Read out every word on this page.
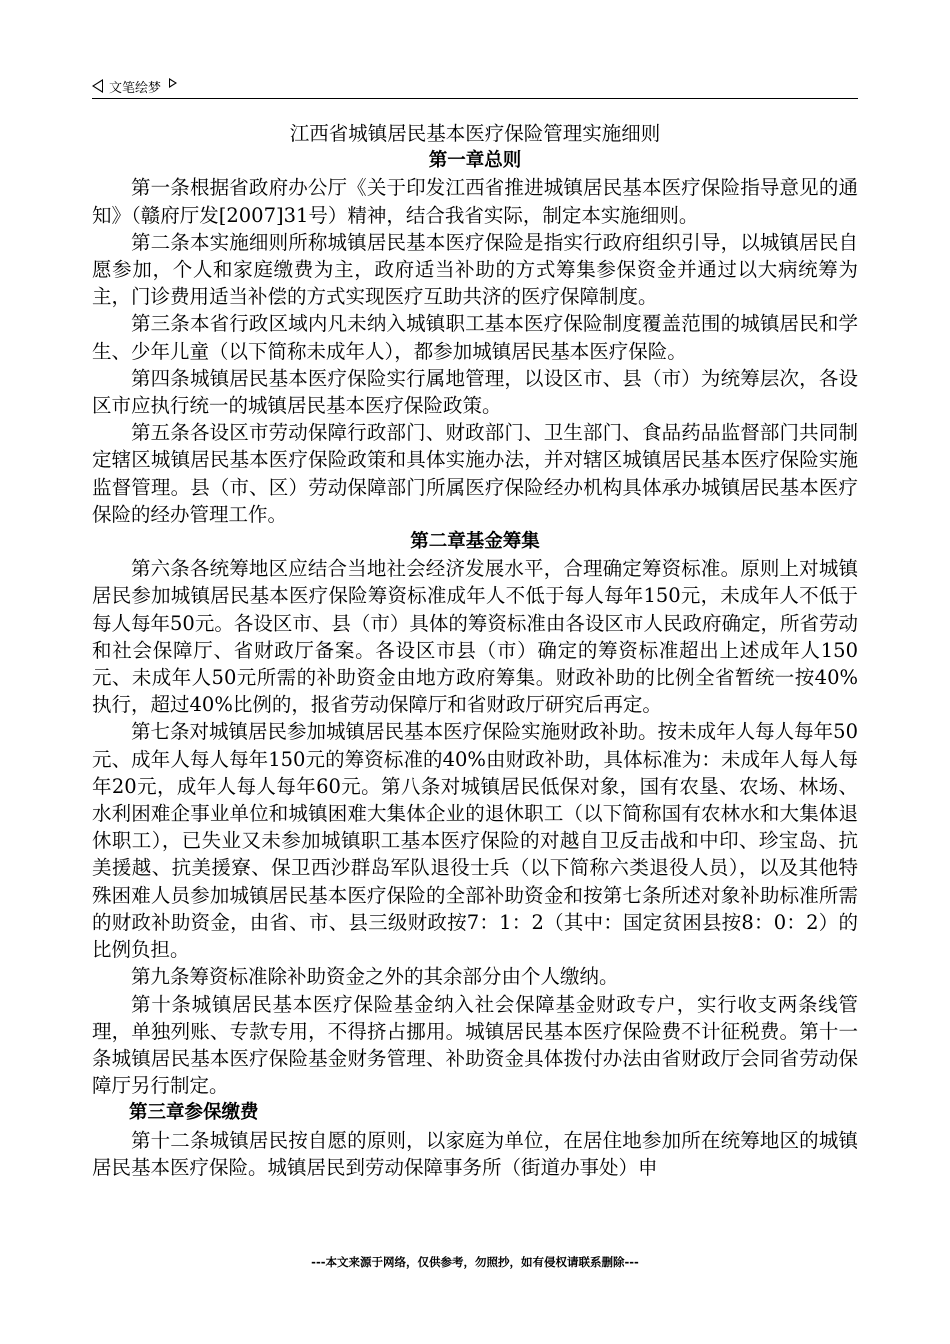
文笔绘梦

江西省城镇居民基本医疗保险管理实施细则

第一章总则

第一条根据省政府办公厅《关于印发江西省推进城镇居民基本医疗保险指导意见的通知》（赣府厅发[2007]31号）精神，结合我省实际，制定本实施细则。

第二条本实施细则所称城镇居民基本医疗保险是指实行政府组织引导，以城镇居民自愿参加，个人和家庭缴费为主，政府适当补助的方式筹集参保资金并通过以大病统筹为主，门诊费用适当补偿的方式实现医疗互助共济的医疗保障制度。

第三条本省行政区域内凡未纳入城镇职工基本医疗保险制度覆盖范围的城镇居民和学生、少年儿童（以下简称未成年人），都参加城镇居民基本医疗保险。

第四条城镇居民基本医疗保险实行属地管理，以设区市、县（市）为统筹层次，各设区市应执行统一的城镇居民基本医疗保险政策。

第五条各设区市劳动保障行政部门、财政部门、卫生部门、食品药品监督部门共同制定辖区城镇居民基本医疗保险政策和具体实施办法，并对辖区城镇居民基本医疗保险实施监督管理。县（市、区）劳动保障部门所属医疗保险经办机构具体承办城镇居民基本医疗保险的经办管理工作。

第二章基金筹集

第六条各统筹地区应结合当地社会经济发展水平，合理确定筹资标准。原则上对城镇居民参加城镇居民基本医疗保险筹资标准成年人不低于每人每年150元，未成年人不低于每人每年50元。各设区市、县（市）具体的筹资标准由各设区市人民政府确定，所省劳动和社会保障厅、省财政厅备案。各设区市县（市）确定的筹资标准超出上述成年人150元、未成年人50元所需的补助资金由地方政府筹集。财政补助的比例全省暂统一按40%执行，超过40%比例的，报省劳动保障厅和省财政厅研究后再定。

第七条对城镇居民参加城镇居民基本医疗保险实施财政补助。按未成年人每人每年50元、成年人每人每年150元的筹资标准的40%由财政补助，具体标准为：未成年人每人每年20元，成年人每人每年60元。第八条对城镇居民低保对象，国有农垦、农场、林场、水利困难企事业单位和城镇困难大集体企业的退休职工（以下简称国有农林水和大集体退休职工），已失业又未参加城镇职工基本医疗保险的对越自卫反击战和中印、珍宝岛、抗美援越、抗美援寮、保卫西沙群岛军队退役士兵（以下简称六类退役人员），以及其他特殊困难人员参加城镇居民基本医疗保险的全部补助资金和按第七条所述对象补助标准所需的财政补助资金，由省、市、县三级财政按7：1：2（其中：国定贫困县按8：0：2）的比例负担。

第九条筹资标准除补助资金之外的其余部分由个人缴纳。

第十条城镇居民基本医疗保险基金纳入社会保障基金财政专户，实行收支两条线管理，单独列账、专款专用，不得挤占挪用。城镇居民基本医疗保险费不计征税费。第十一条城镇居民基本医疗保险基金财务管理、补助资金具体拨付办法由省财政厅会同省劳动保障厅另行制定。

第三章参保缴费

第十二条城镇居民按自愿的原则，以家庭为单位，在居住地参加所在统筹地区的城镇居民基本医疗保险。城镇居民到劳动保障事务所（街道办事处）申

---本文来源于网络，仅供参考，勿照抄，如有侵权请联系删除---
